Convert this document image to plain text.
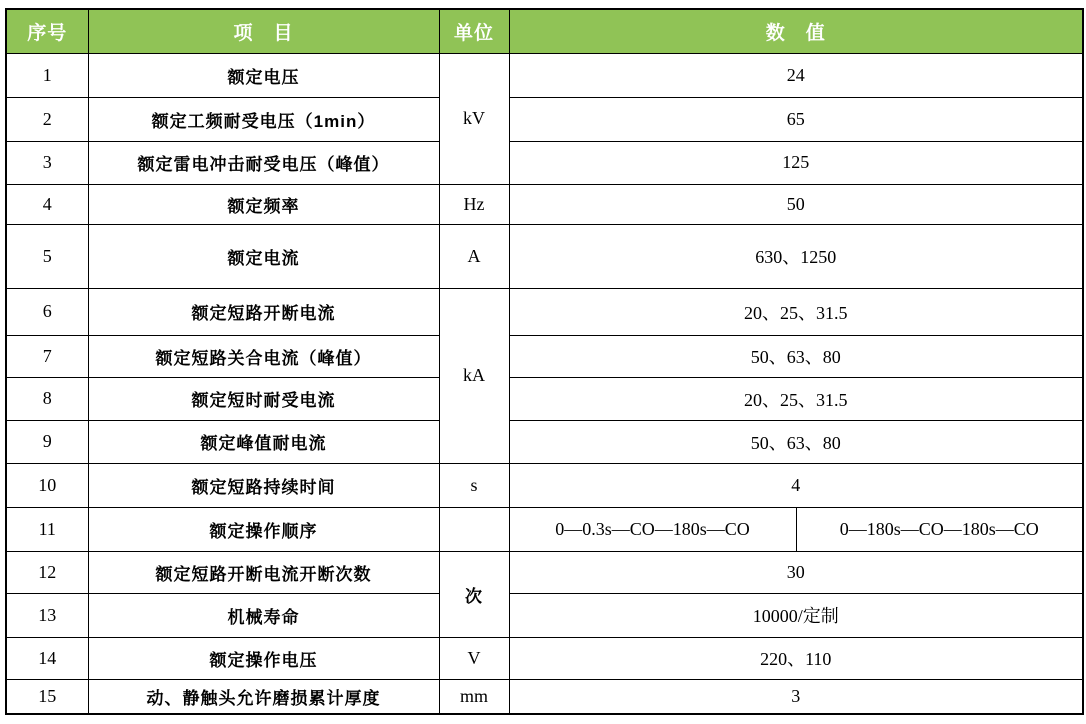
序号	项　目	单位	数　值	
1	额定电压	kV	24	
2	额定工频耐受电压（1min）		65	
3	额定雷电冲击耐受电压（峰值）		125	
4	额定频率	Hz	50	
5	额定电流	A	630、1250	
6	额定短路开断电流	kA	20、25、31.5	
7	额定短路关合电流（峰值）		50、63、80	
8	额定短时耐受电流		20、25、31.5	
9	额定峰值耐电流		50、63、80	
10	额定短路持续时间	s	4	
11	额定操作顺序		0—0.3s—CO—180s—CO	0—180s—CO—180s—CO
12	额定短路开断电流开断次数	次	30	
13	机械寿命		10000/定制	
14	额定操作电压	V	220、110	
15	动、静触头允许磨损累计厚度	mm	3	
